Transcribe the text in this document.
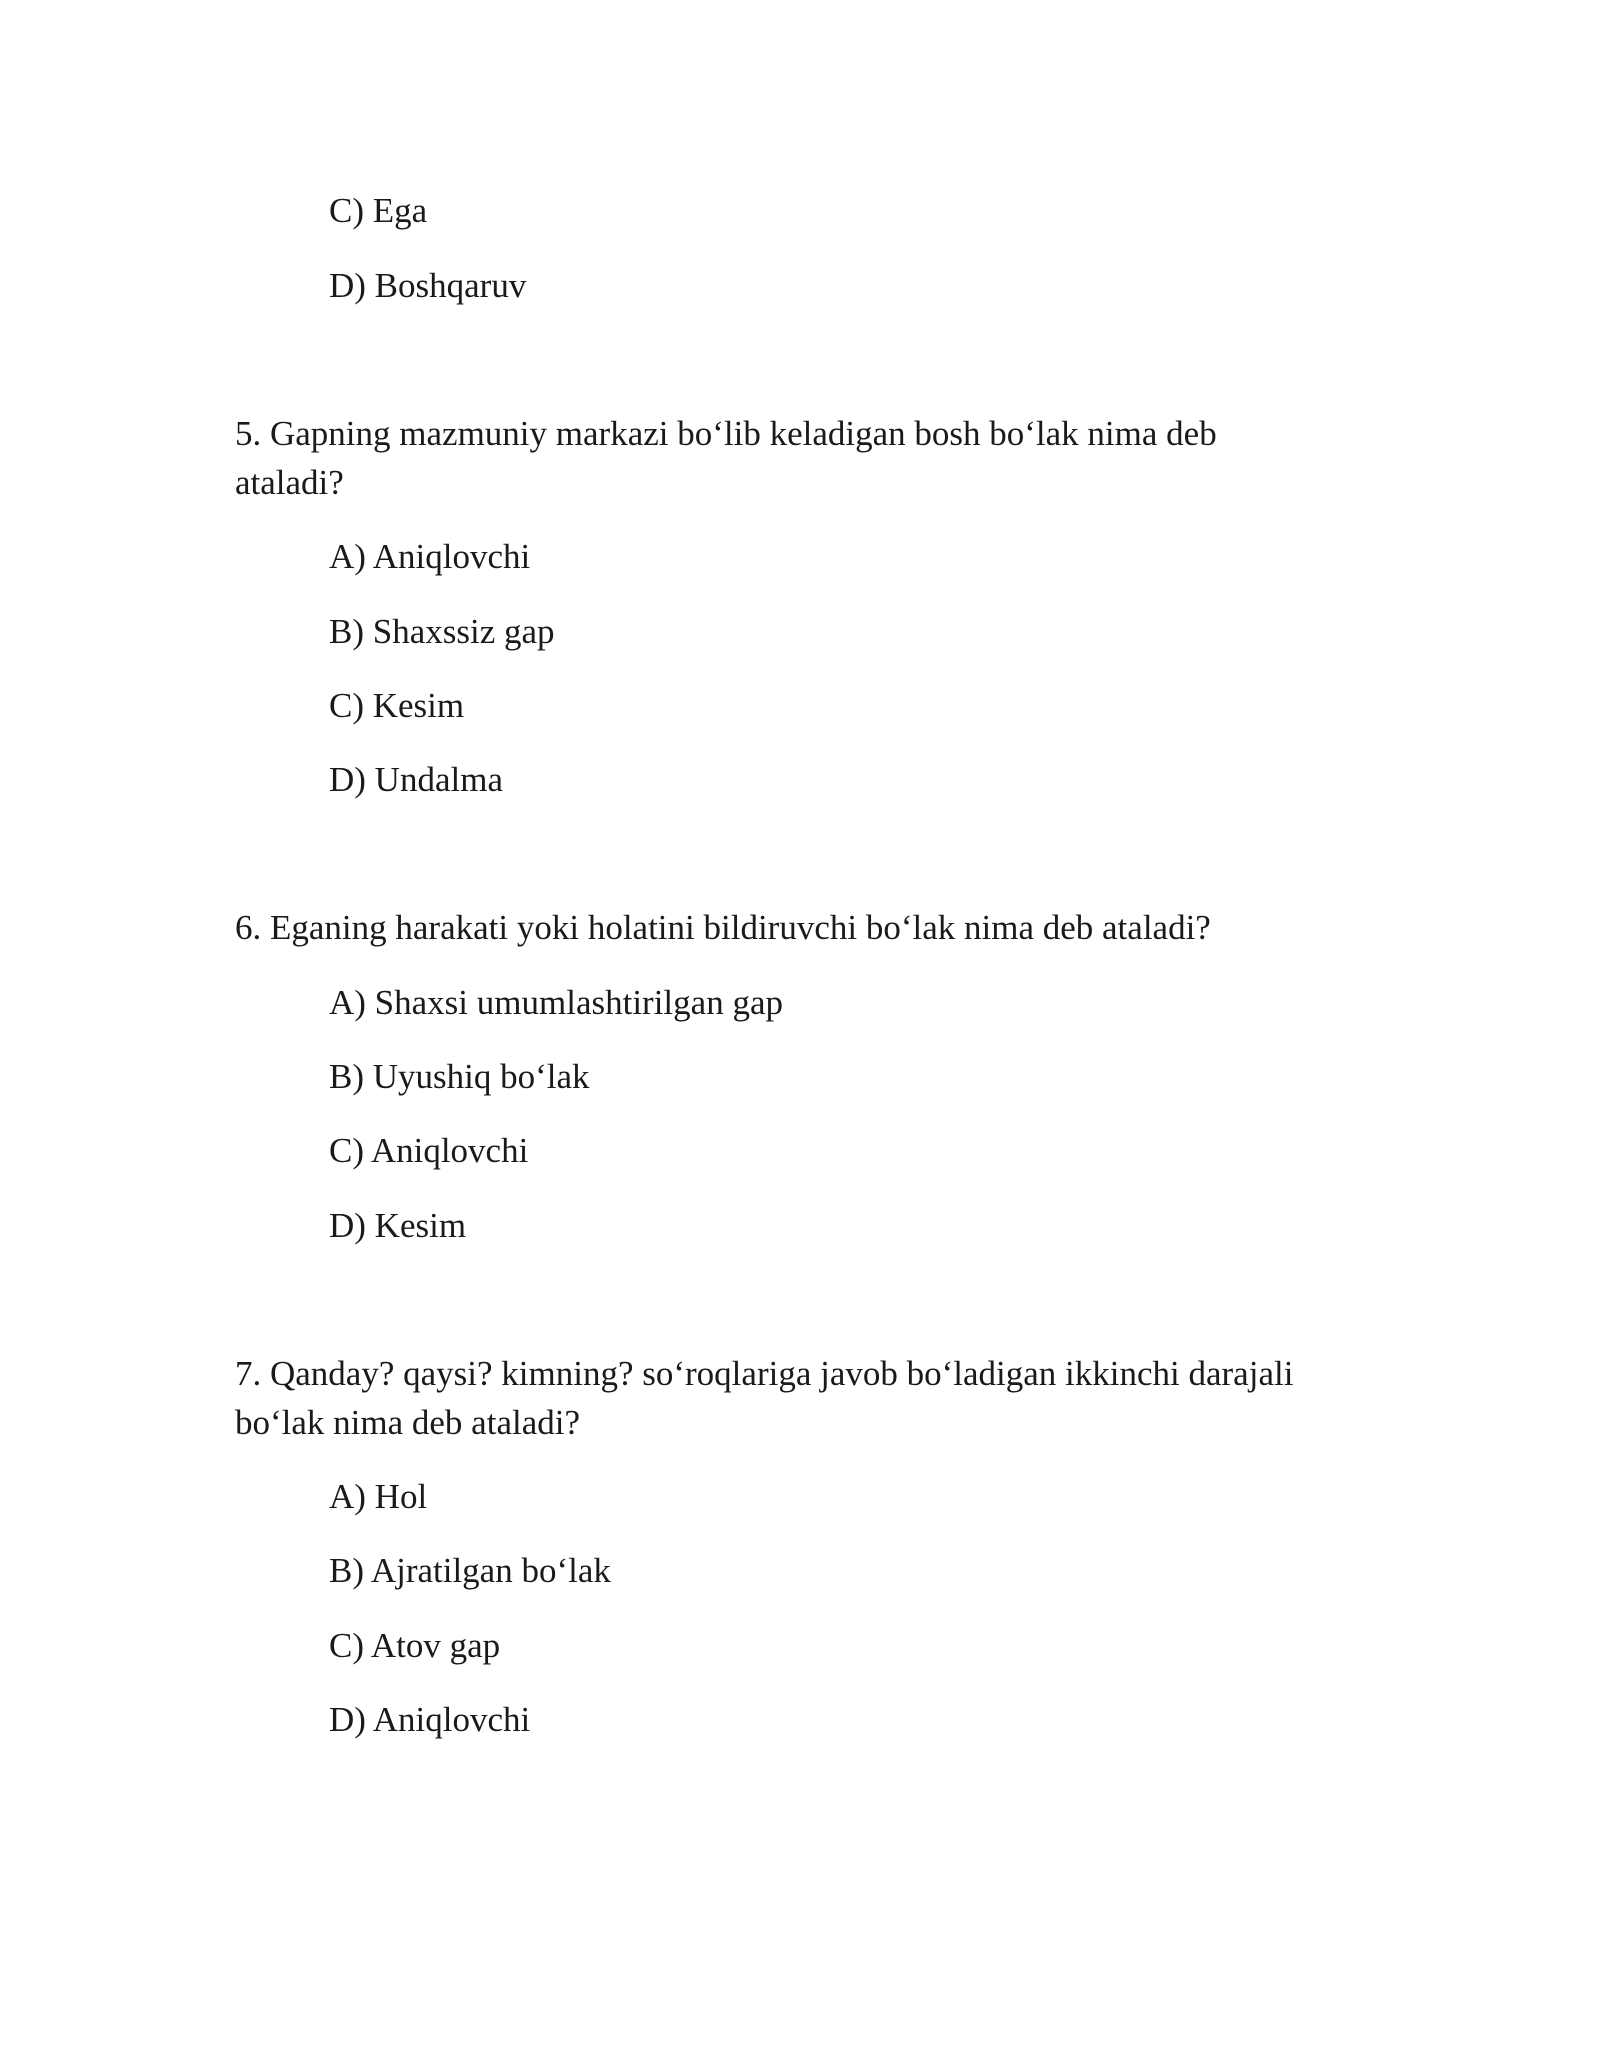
C) Ega

D) Boshqaruv

5. Gapning mazmuniy markazi bo‘lib keladigan bosh bo‘lak nima deb

ataladi?

A) Aniqlovchi

B) Shaxssiz gap

C) Kesim

D) Undalma

6. Eganing harakati yoki holatini bildiruvchi bo‘lak nima deb ataladi?

A) Shaxsi umumlashtirilgan gap

B) Uyushiq bo‘lak

C) Aniqlovchi

D) Kesim

7. Qanday? qaysi? kimning? so‘roqlariga javob bo‘ladigan ikkinchi darajali

bo‘lak nima deb ataladi?

A) Hol

B) Ajratilgan bo‘lak

C) Atov gap

D) Aniqlovchi
